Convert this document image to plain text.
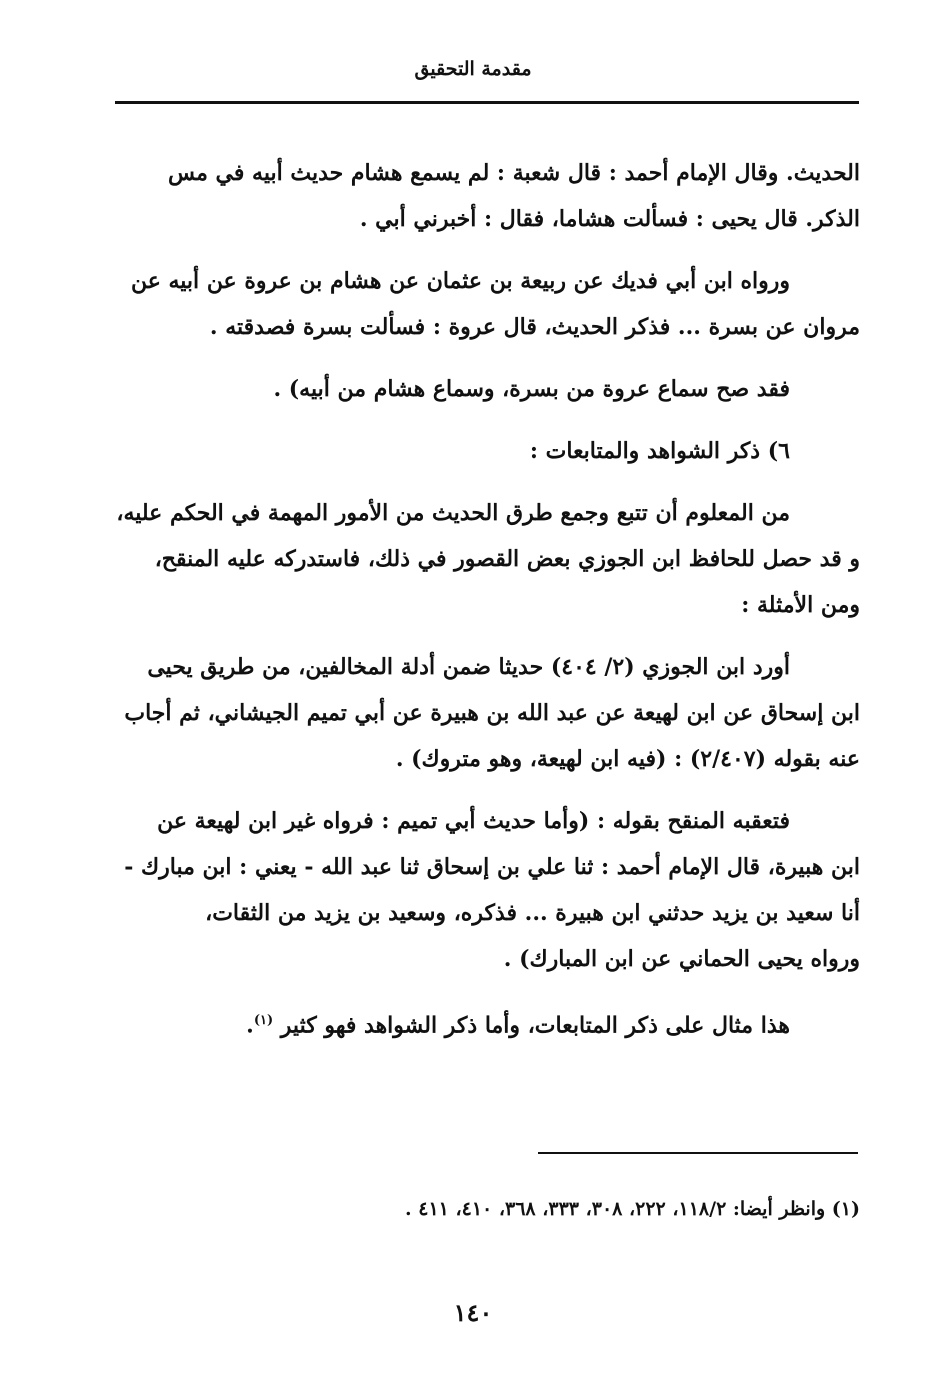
مقدمة التحقيق

الحديث. وقال الإمام أحمد : قال شعبة : لم يسمع هشام حديث أبيه في مس
الذكر. قال يحيى : فسألت هشاما، فقال : أخبرني أبي .

ورواه ابن أبي فديك عن ربيعة بن عثمان عن هشام بن عروة عن أبيه عن
مروان عن بسرة ... فذكر الحديث، قال عروة : فسألت بسرة فصدقته .

فقد صح سماع عروة من بسرة، وسماع هشام من أبيه) .

٦) ذكر الشواهد والمتابعات :

من المعلوم أن تتبع وجمع طرق الحديث من الأمور المهمة في الحكم عليه،
و قد حصل للحافظ ابن الجوزي بعض القصور في ذلك، فاستدركه عليه المنقح،
ومن الأمثلة :

أورد ابن الجوزي (٢/ ٤٠٤) حديثا ضمن أدلة المخالفين، من طريق يحيى
ابن إسحاق عن ابن لهيعة عن عبد الله بن هبيرة عن أبي تميم الجيشاني، ثم أجاب
عنه بقوله (٢/٤٠٧) : (فيه ابن لهيعة، وهو متروك) .

فتعقبه المنقح بقوله : (وأما حديث أبي تميم : فرواه غير ابن لهيعة عن
ابن هبيرة، قال الإمام أحمد : ثنا علي بن إسحاق ثنا عبد الله - يعني : ابن مبارك -
أنا سعيد بن يزيد حدثني ابن هبيرة ... فذكره، وسعيد بن يزيد من الثقات،
ورواه يحيى الحماني عن ابن المبارك) .

هذا مثال على ذكر المتابعات، وأما ذكر الشواهد فهو كثير $^{(١)}$.

(١) وانظر أيضا: ١١٨/٢، ٢٢٢، ٣٠٨، ٣٣٣، ٣٦٨، ٤١٠، ٤١١ .
١٤٠
